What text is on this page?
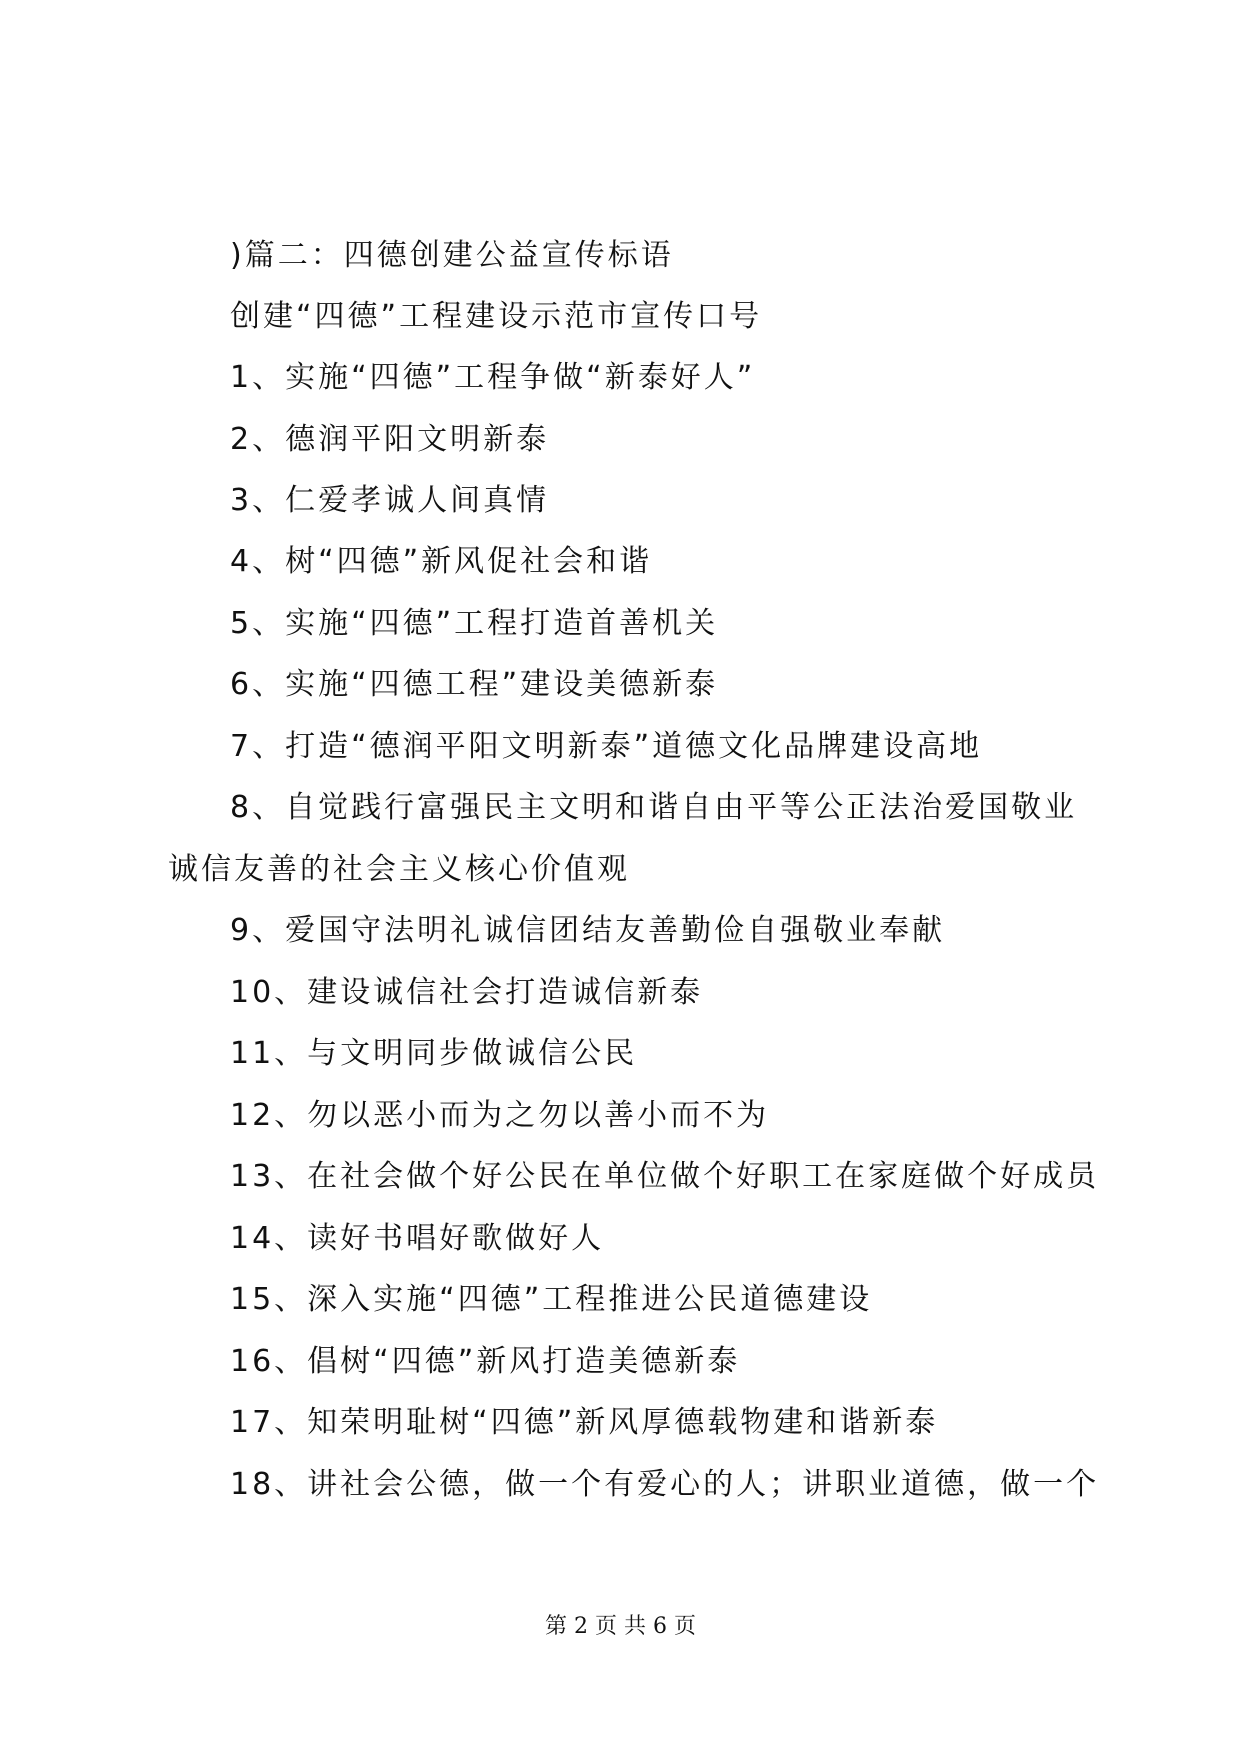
)篇二：四德创建公益宣传标语
创建“四德”工程建设示范市宣传口号
1、实施“四德”工程争做“新泰好人”
2、德润平阳文明新泰
3、仁爱孝诚人间真情
4、树“四德”新风促社会和谐
5、实施“四德”工程打造首善机关
6、实施“四德工程”建设美德新泰
7、打造“德润平阳文明新泰”道德文化品牌建设高地
8、自觉践行富强民主文明和谐自由平等公正法治爱国敬业
诚信友善的社会主义核心价值观
9、爱国守法明礼诚信团结友善勤俭自强敬业奉献
10、建设诚信社会打造诚信新泰
11、与文明同步做诚信公民
12、勿以恶小而为之勿以善小而不为
13、在社会做个好公民在单位做个好职工在家庭做个好成员
14、读好书唱好歌做好人
15、深入实施“四德”工程推进公民道德建设
16、倡树“四德”新风打造美德新泰
17、知荣明耻树“四德”新风厚德载物建和谐新泰
18、讲社会公德，做一个有爱心的人；讲职业道德，做一个
第 2 页 共 6 页
